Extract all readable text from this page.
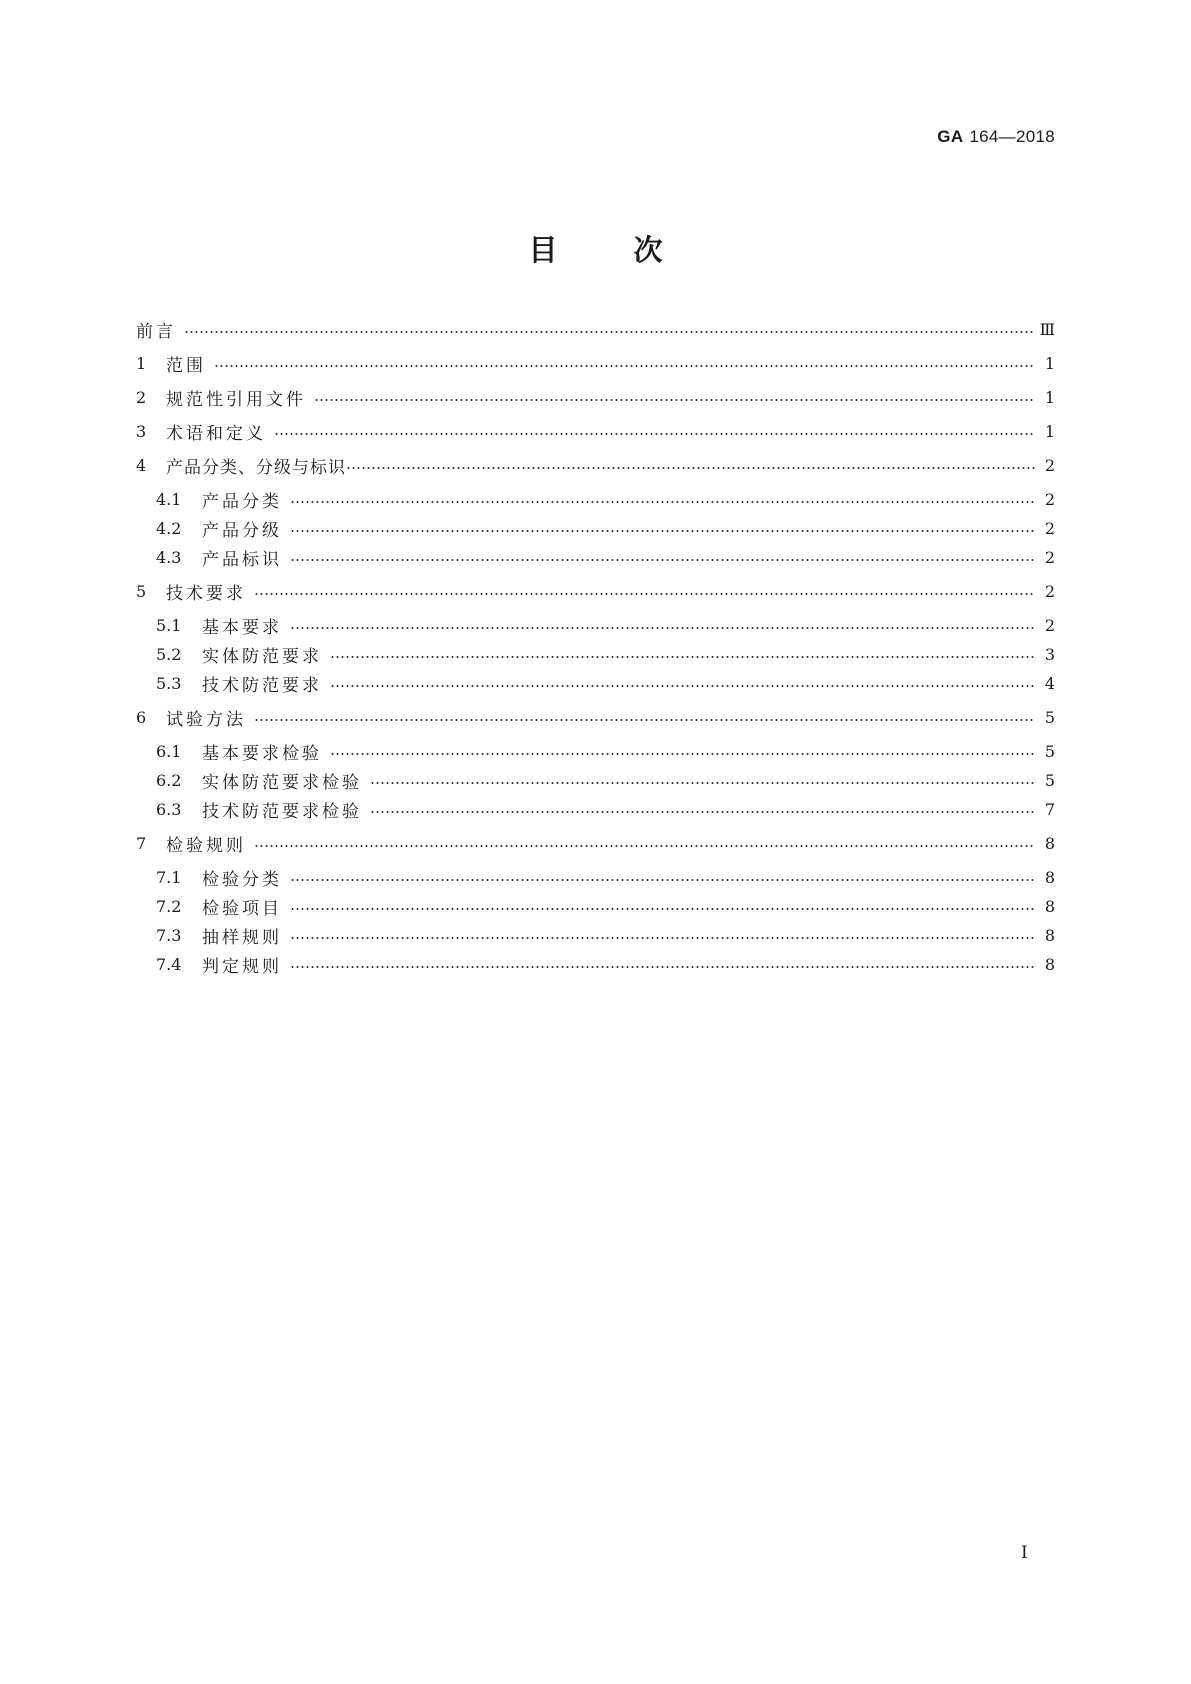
GA 164—2018
目	次
前言	Ⅲ
1	范围	1
2	规范性引用文件	1
3	术语和定义	1
4	产品分类、分级与标识	2
4.1	产品分类	2
4.2	产品分级	2
4.3	产品标识	2
5	技术要求	2
5.1	基本要求	2
5.2	实体防范要求	3
5.3	技术防范要求	4
6	试验方法	5
6.1	基本要求检验	5
6.2	实体防范要求检验	5
6.3	技术防范要求检验	7
7	检验规则	8
7.1	检验分类	8
7.2	检验项目	8
7.3	抽样规则	8
7.4	判定规则	8
I
